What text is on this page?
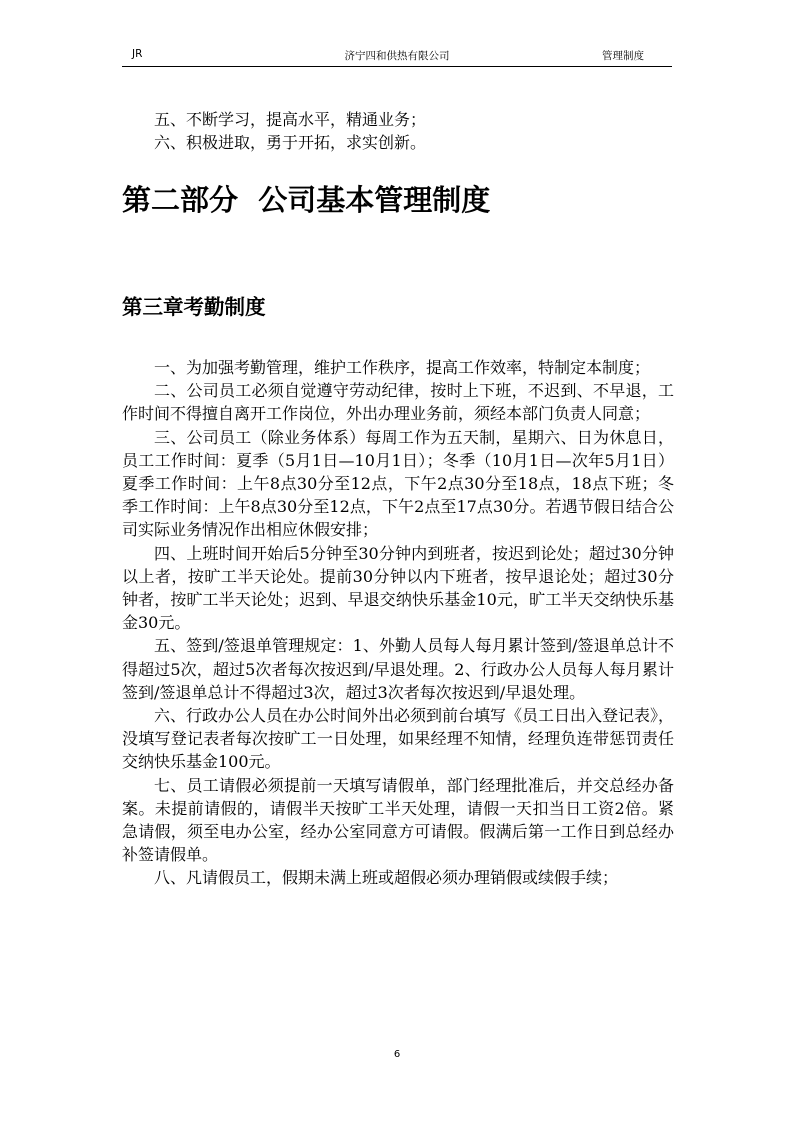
JR	济宁四和供热有限公司	管理制度

五、不断学习，提高水平，精通业务；

六、积极进取，勇于开拓，求实创新。

第二部分  公司基本管理制度
第三章考勤制度

一、为加强考勤管理，维护工作秩序，提高工作效率，特制定本制度；

二、公司员工必须自觉遵守劳动纪律，按时上下班，不迟到、不早退，工作时间不得擅自离开工作岗位，外出办理业务前，须经本部门负责人同意；

三、公司员工（除业务体系）每周工作为五天制，星期六、日为休息日，员工工作时间：夏季（5月1日—10月1日）；冬季（10月1日—次年5月1日）夏季工作时间：上午8点30分至12点，下午2点30分至18点，18点下班；冬季工作时间：上午8点30分至12点，下午2点至17点30分。若遇节假日结合公司实际业务情况作出相应休假安排；

四、上班时间开始后5分钟至30分钟内到班者，按迟到论处；超过30分钟以上者，按旷工半天论处。提前30分钟以内下班者，按早退论处；超过30分钟者，按旷工半天论处；迟到、早退交纳快乐基金10元，旷工半天交纳快乐基金30元。

五、签到/签退单管理规定：1、外勤人员每人每月累计签到/签退单总计不得超过5次，超过5次者每次按迟到/早退处理。2、行政办公人员每人每月累计签到/签退单总计不得超过3次，超过3次者每次按迟到/早退处理。

六、行政办公人员在办公时间外出必须到前台填写《员工日出入登记表》，没填写登记表者每次按旷工一日处理，如果经理不知情，经理负连带惩罚责任交纳快乐基金100元。

七、员工请假必须提前一天填写请假单，部门经理批准后，并交总经办备案。未提前请假的，请假半天按旷工半天处理，请假一天扣当日工资2倍。紧急请假，须至电办公室，经办公室同意方可请假。假满后第一工作日到总经办补签请假单。

八、凡请假员工，假期未满上班或超假必须办理销假或续假手续；

6
